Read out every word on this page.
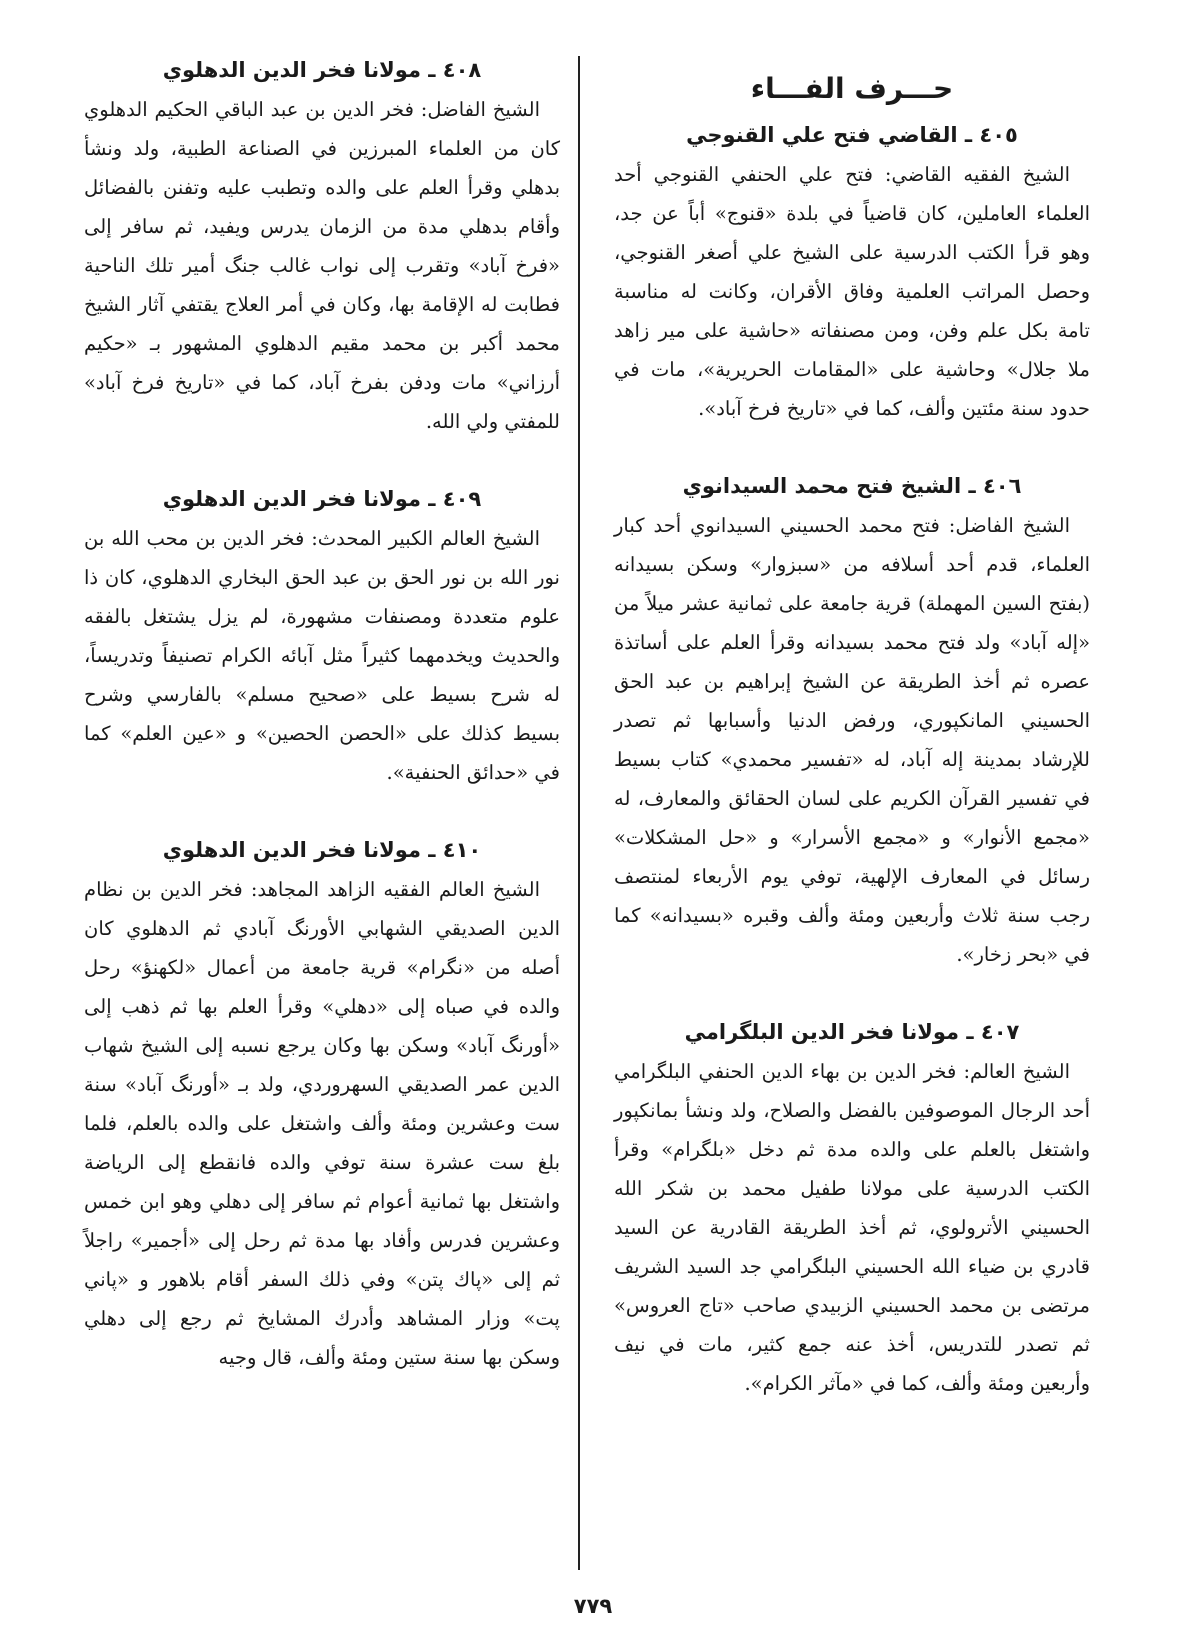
حـــرف الفـــاء
٤٠٥ ـ القاضي فتح علي القنوجي

الشيخ الفقيه القاضي: فتح علي الحنفي القنوجي أحد العلماء العاملين، كان قاضياً في بلدة «قنوج» أباً عن جد، وهو قرأ الكتب الدرسية على الشيخ علي أصغر القنوجي، وحصل المراتب العلمية وفاق الأقران، وكانت له مناسبة تامة بكل علم وفن، ومن مصنفاته «حاشية على مير زاهد ملا جلال» وحاشية على «المقامات الحريرية»، مات في حدود سنة مئتين وألف، كما في «تاريخ فرخ آباد».

٤٠٦ ـ الشيخ فتح محمد السيدانوي

الشيخ الفاضل: فتح محمد الحسيني السيدانوي أحد كبار العلماء، قدم أحد أسلافه من «سبزوار» وسكن بسيدانه (بفتح السين المهملة) قرية جامعة على ثمانية عشر ميلاً من «إله آباد» ولد فتح محمد بسيدانه وقرأ العلم على أساتذة عصره ثم أخذ الطريقة عن الشيخ إبراهيم بن عبد الحق الحسيني المانكپوري، ورفض الدنيا وأسبابها ثم تصدر للإرشاد بمدينة إله آباد، له «تفسير محمدي» كتاب بسيط في تفسير القرآن الكريم على لسان الحقائق والمعارف، له «مجمع الأنوار» و «مجمع الأسرار» و «حل المشكلات» رسائل في المعارف الإلهية، توفي يوم الأربعاء لمنتصف رجب سنة ثلاث وأربعين ومئة وألف وقبره «بسيدانه» كما في «بحر زخار».

٤٠٧ ـ مولانا فخر الدين البلگرامي

الشيخ العالم: فخر الدين بن بهاء الدين الحنفي البلگرامي أحد الرجال الموصوفين بالفضل والصلاح، ولد ونشأ بمانكپور واشتغل بالعلم على والده مدة ثم دخل «بلگرام» وقرأ الكتب الدرسية على مولانا طفيل محمد بن شكر الله الحسيني الأترولوي، ثم أخذ الطريقة القادرية عن السيد قادري بن ضياء الله الحسيني البلگرامي جد السيد الشريف مرتضى بن محمد الحسيني الزبيدي صاحب «تاج العروس» ثم تصدر للتدريس، أخذ عنه جمع كثير، مات في نيف وأربعين ومئة وألف، كما في «مآثر الكرام».

٤٠٨ ـ مولانا فخر الدين الدهلوي

الشيخ الفاضل: فخر الدين بن عبد الباقي الحكيم الدهلوي كان من العلماء المبرزين في الصناعة الطبية، ولد ونشأ بدهلي وقرأ العلم على والده وتطبب عليه وتفنن بالفضائل وأقام بدهلي مدة من الزمان يدرس ويفيد، ثم سافر إلى «فرخ آباد» وتقرب إلى نواب غالب جنگ أمير تلك الناحية فطابت له الإقامة بها، وكان في أمر العلاج يقتفي آثار الشيخ محمد أكبر بن محمد مقيم الدهلوي المشهور بـ «حكيم أرزاني» مات ودفن بفرخ آباد، كما في «تاريخ فرخ آباد» للمفتي ولي الله.

٤٠٩ ـ مولانا فخر الدين الدهلوي

الشيخ العالم الكبير المحدث: فخر الدين بن محب الله بن نور الله بن نور الحق بن عبد الحق البخاري الدهلوي، كان ذا علوم متعددة ومصنفات مشهورة، لم يزل يشتغل بالفقه والحديث ويخدمهما كثيراً مثل آبائه الكرام تصنيفاً وتدريساً، له شرح بسيط على «صحيح مسلم» بالفارسي وشرح بسيط كذلك على «الحصن الحصين» و «عين العلم» كما في «حدائق الحنفية».

٤١٠ ـ مولانا فخر الدين الدهلوي

الشيخ العالم الفقيه الزاهد المجاهد: فخر الدين بن نظام الدين الصديقي الشهابي الأورنگ آبادي ثم الدهلوي كان أصله من «نگرام» قرية جامعة من أعمال «لكهنؤ» رحل والده في صباه إلى «دهلي» وقرأ العلم بها ثم ذهب إلى «أورنگ آباد» وسكن بها وكان يرجع نسبه إلى الشيخ شهاب الدين عمر الصديقي السهروردي، ولد بـ «أورنگ آباد» سنة ست وعشرين ومئة وألف واشتغل على والده بالعلم، فلما بلغ ست عشرة سنة توفي والده فانقطع إلى الرياضة واشتغل بها ثمانية أعوام ثم سافر إلى دهلي وهو ابن خمس وعشرين فدرس وأفاد بها مدة ثم رحل إلى «أجمير» راجلاً ثم إلى «پاك پتن» وفي ذلك السفر أقام بلاهور و «پاني پت» وزار المشاهد وأدرك المشايخ ثم رجع إلى دهلي وسكن بها سنة ستين ومئة وألف، قال وجيه

٧٧٩
